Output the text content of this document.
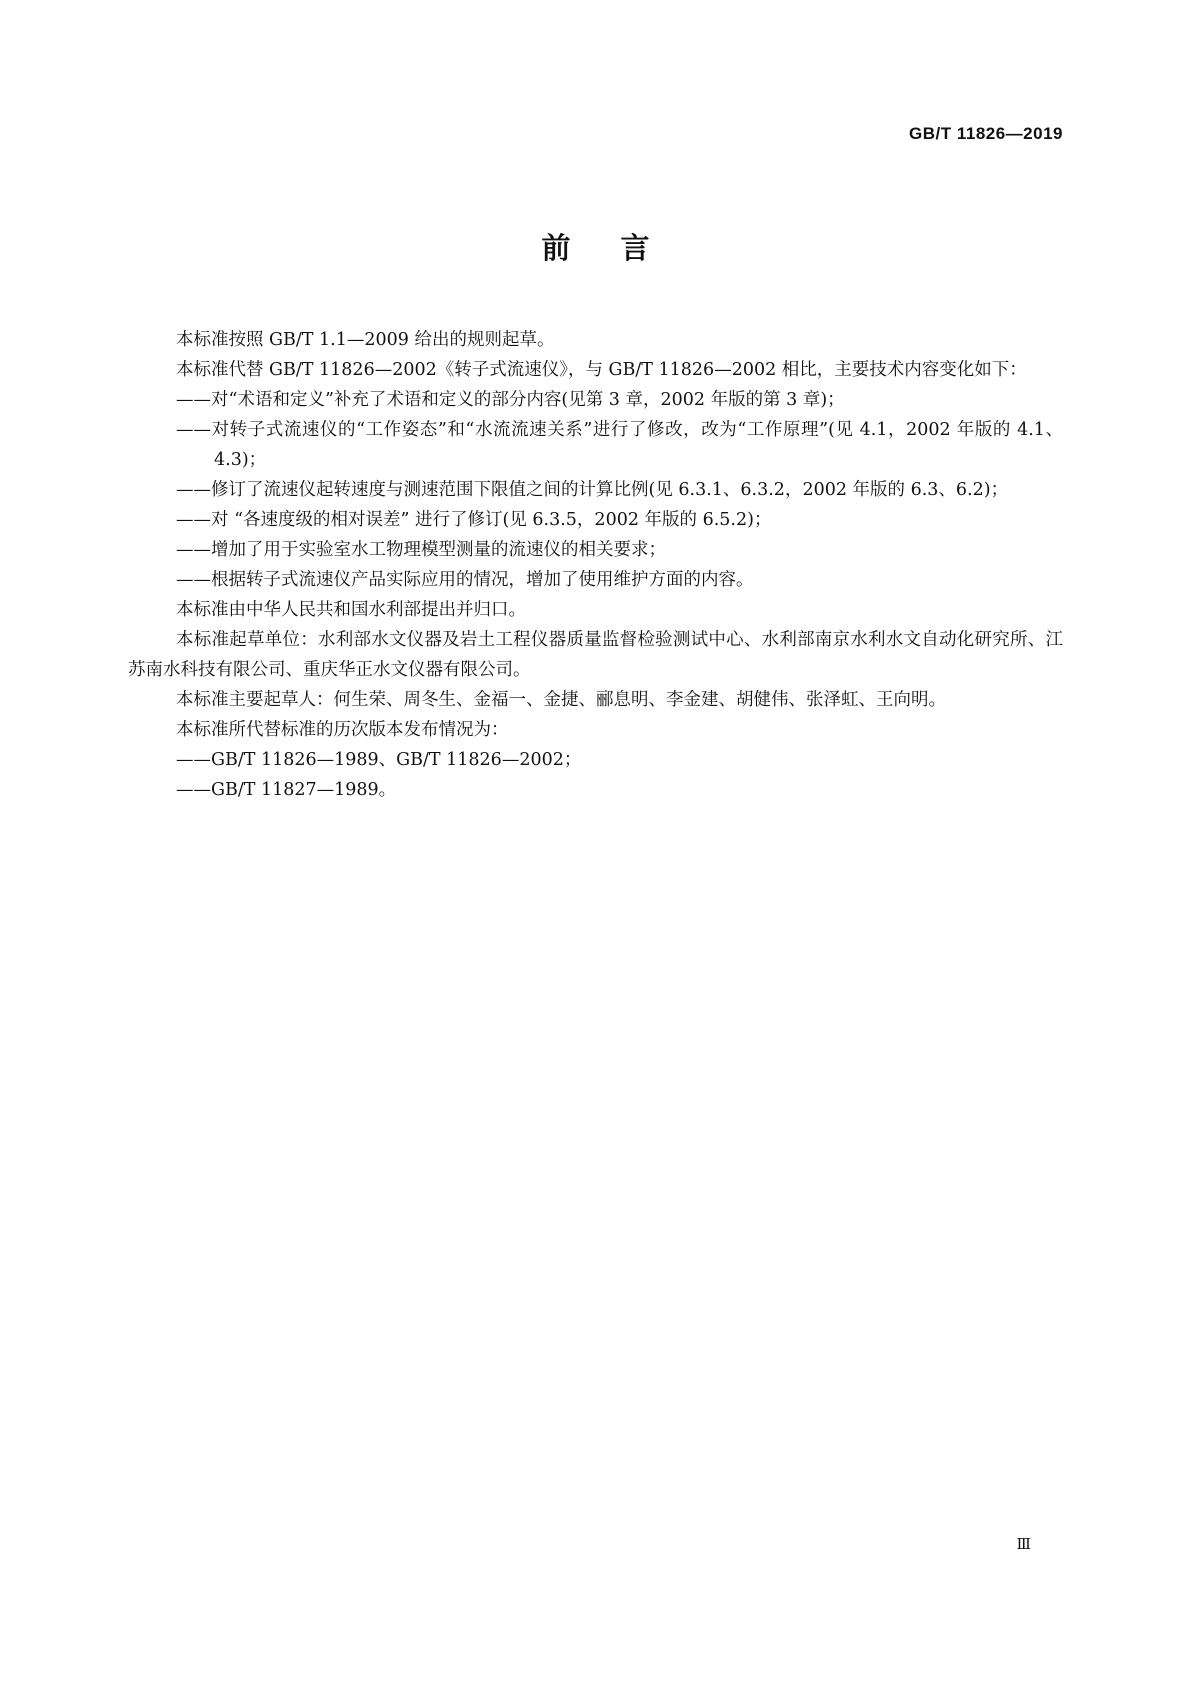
GB/T 11826—2019
前言
本标准按照 GB/T 1.1—2009 给出的规则起草。
本标准代替 GB/T 11826—2002《转子式流速仪》，与 GB/T 11826—2002 相比，主要技术内容变化如下：
——对“术语和定义”补充了术语和定义的部分内容(见第 3 章，2002 年版的第 3 章)；
——对转子式流速仪的“工作姿态”和“水流流速关系”进行了修改，改为“工作原理”(见 4.1，2002 年版的 4.1、4.3)；
——修订了流速仪起转速度与测速范围下限值之间的计算比例(见 6.3.1、6.3.2，2002 年版的 6.3、6.2)；
——对 “各速度级的相对误差” 进行了修订(见 6.3.5，2002 年版的 6.5.2)；
——增加了用于实验室水工物理模型测量的流速仪的相关要求；
——根据转子式流速仪产品实际应用的情况，增加了使用维护方面的内容。
本标准由中华人民共和国水利部提出并归口。
本标准起草单位：水利部水文仪器及岩土工程仪器质量监督检验测试中心、水利部南京水利水文自动化研究所、江苏南水科技有限公司、重庆华正水文仪器有限公司。
本标准主要起草人：何生荣、周冬生、金福一、金捷、郦息明、李金建、胡健伟、张泽虹、王向明。
本标准所代替标准的历次版本发布情况为：
——GB/T 11826—1989、GB/T 11826—2002；
——GB/T 11827—1989。
Ⅲ
